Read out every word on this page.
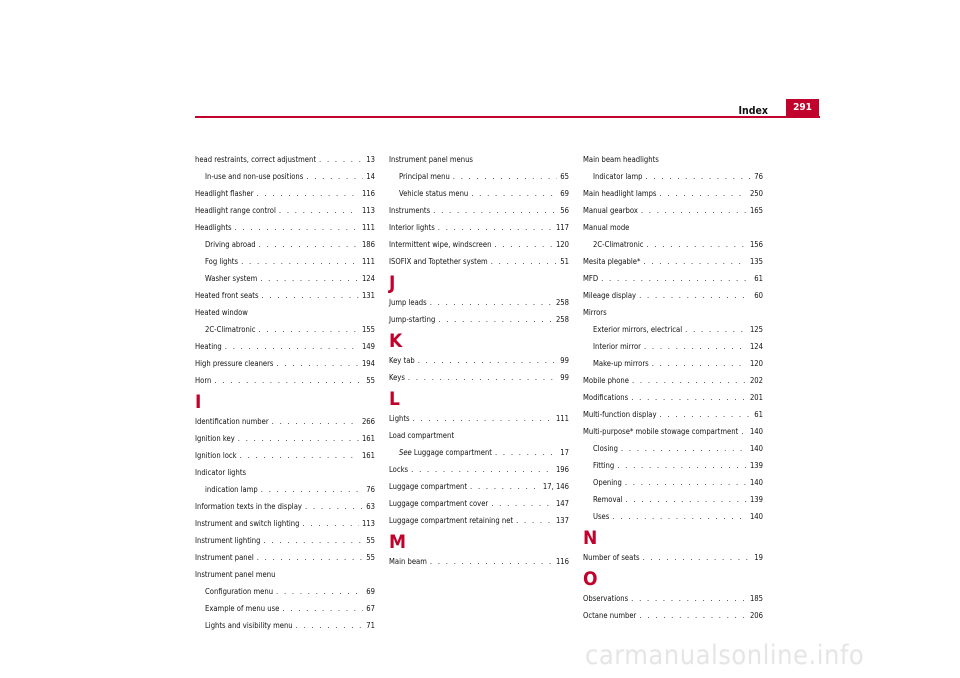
Index	291
head restraints, correct adjustment . . .	13
In-use and non-use positions . . .	14
Headlight flasher . . .	116
Headlight range control . . .	113
Headlights . . .	111
Driving abroad . . .	186
Fog lights . . .	111
Washer system . . .	124
Heated front seats . . .	131
Heated window
2C-Climatronic . . .	155
Heating . . .	149
High pressure cleaners . . .	194
Horn . . .	55
I
Identification number . . .	266
Ignition key . . .	161
Ignition lock . . .	161
Indicator lights
indication lamp . . .	76
Information texts in the display . . .	63
Instrument and switch lighting . . .	113
Instrument lighting . . .	55
Instrument panel . . .	55
Instrument panel menu
Configuration menu . . .	69
Example of menu use . . .	67
Lights and visibility menu . . .	71
Instrument panel menus
Principal menu . . .	65
Vehicle status menu . . .	69
Instruments . . .	56
Interior lights . . .	117
Intermittent wipe, windscreen . . .	120
ISOFIX and Toptether system . . .	51
J
Jump leads . . .	258
Jump-starting . . .	258
K
Key tab . . .	99
Keys . . .	99
L
Lights . . .	111
Load compartment
See Luggage compartment . . .	17
Locks . . .	196
Luggage compartment . . .	17, 146
Luggage compartment cover . . .	147
Luggage compartment retaining net . . .	137
M
Main beam . . .	116
Main beam headlights
Indicator lamp . . .	76
Main headlight lamps . . .	250
Manual gearbox . . .	165
Manual mode
2C-Climatronic . . .	156
Mesita plegable* . . .	135
MFD . . .	61
Mileage display . . .	60
Mirrors
Exterior mirrors, electrical . . .	125
Interior mirror . . .	124
Make-up mirrors . . .	120
Mobile phone . . .	202
Modifications . . .	201
Multi-function display . . .	61
Multi-purpose* mobile stowage compartment . . . 140
Closing . . .	140
Fitting . . .	139
Opening . . .	140
Removal . . .	139
Uses . . .	140
N
Number of seats . . .	19
O
Observations . . .	185
Octane number . . .	206
carmanualsonline.info
